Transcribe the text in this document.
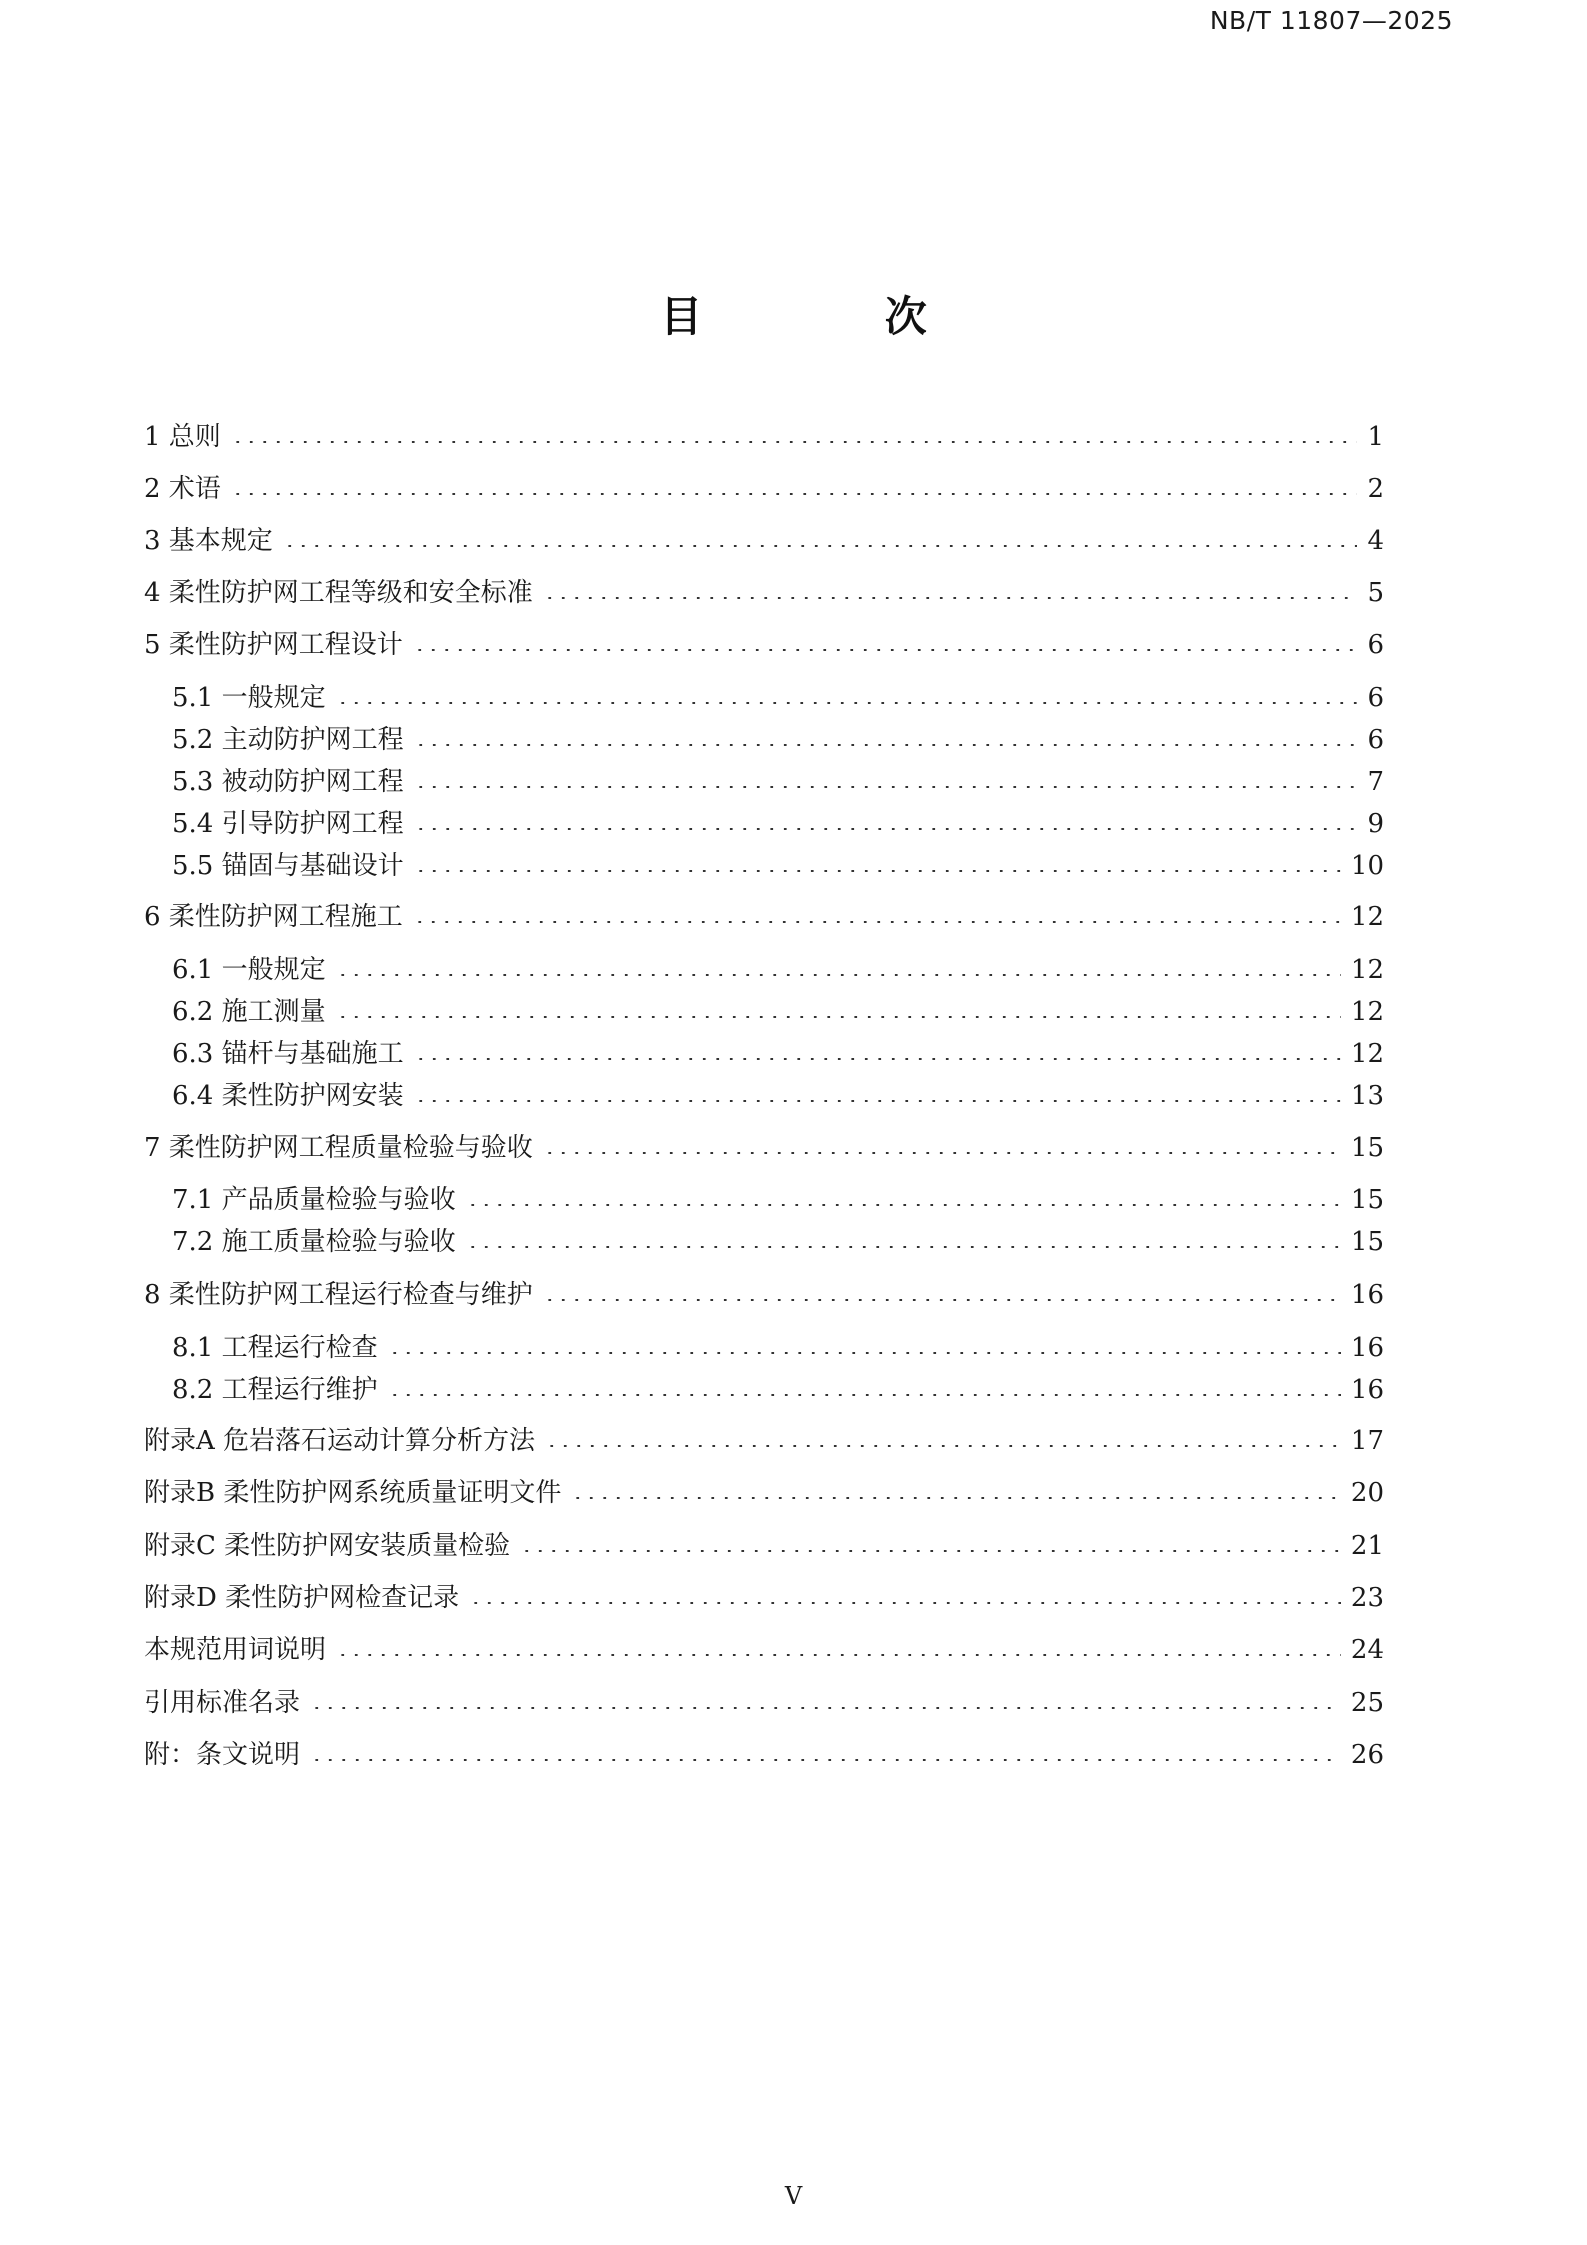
NB/T 11807—2025
目 次
1 总则	1
2 术语	2
3 基本规定	4
4 柔性防护网工程等级和安全标准	5
5 柔性防护网工程设计	6
5.1 一般规定	6
5.2 主动防护网工程	6
5.3 被动防护网工程	7
5.4 引导防护网工程	9
5.5 锚固与基础设计	10
6 柔性防护网工程施工	12
6.1 一般规定	12
6.2 施工测量	12
6.3 锚杆与基础施工	12
6.4 柔性防护网安装	13
7 柔性防护网工程质量检验与验收	15
7.1 产品质量检验与验收	15
7.2 施工质量检验与验收	15
8 柔性防护网工程运行检查与维护	16
8.1 工程运行检查	16
8.2 工程运行维护	16
附录A 危岩落石运动计算分析方法	17
附录B 柔性防护网系统质量证明文件	20
附录C 柔性防护网安装质量检验	21
附录D 柔性防护网检查记录	23
本规范用词说明	24
引用标准名录	25
附：条文说明	26
V
